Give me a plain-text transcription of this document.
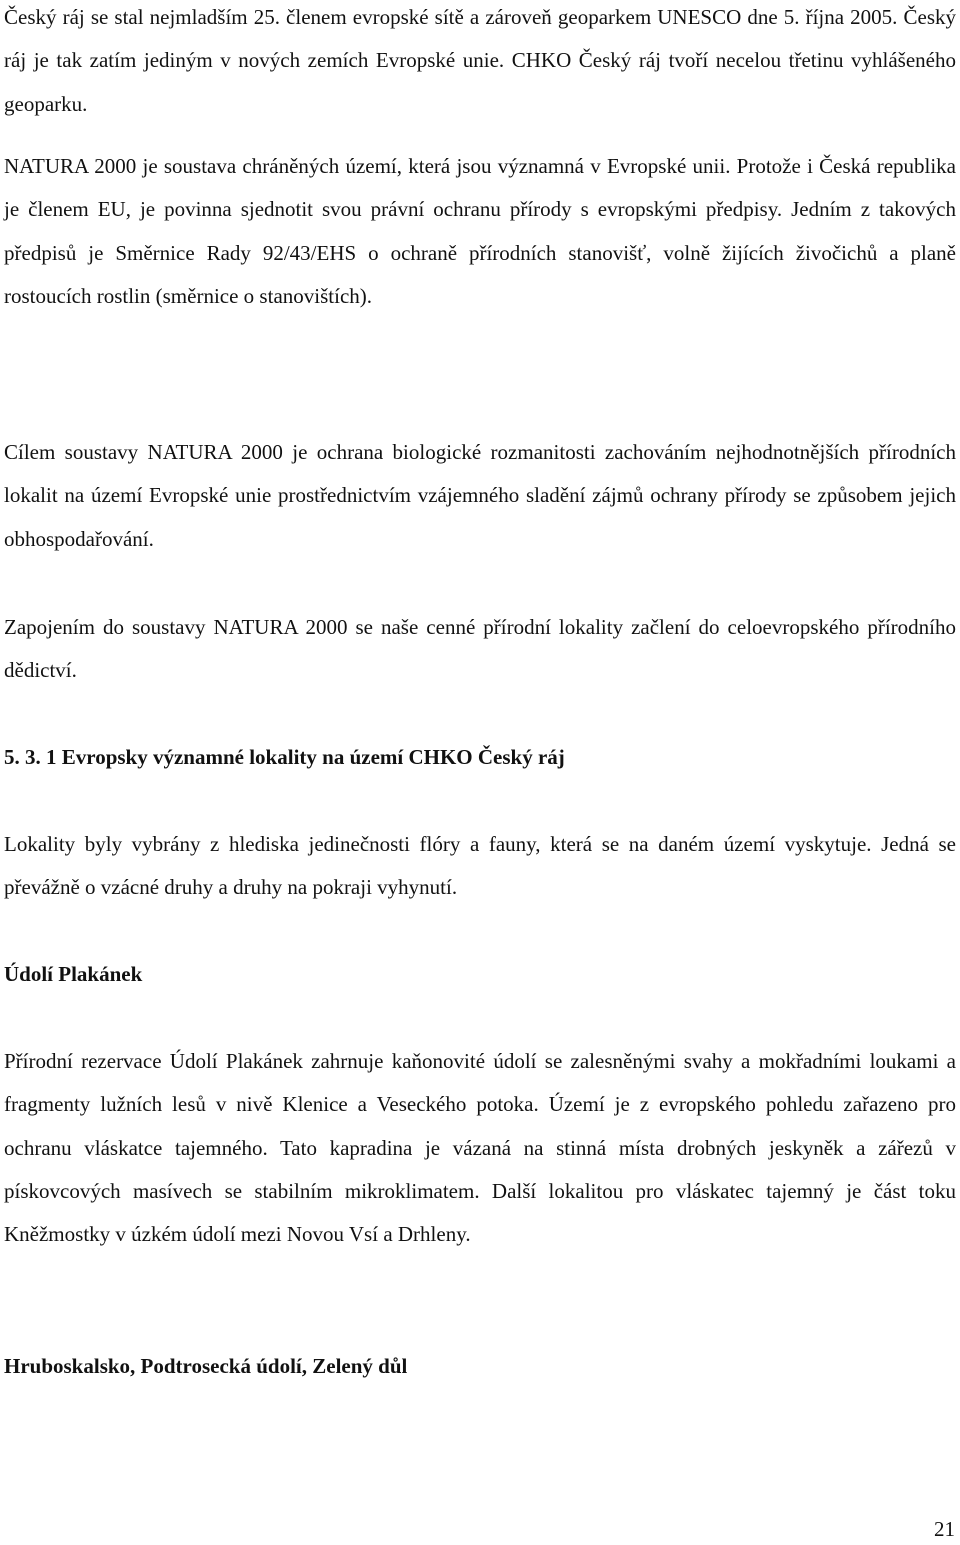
Český ráj se stal nejmladším 25. členem evropské sítě a zároveň geoparkem UNESCO dne 5. října 2005. Český ráj je tak zatím jediným v nových zemích Evropské unie. CHKO Český ráj tvoří necelou třetinu vyhlášeného geoparku.

NATURA 2000 je soustava chráněných území, která jsou významná v Evropské unii. Protože i Česká republika je členem EU, je povinna sjednotit svou právní ochranu přírody s evropskými předpisy. Jedním z takových předpisů je Směrnice Rady 92/43/EHS o ochraně přírodních stanovišť, volně žijících živočichů a planě rostoucích rostlin (směrnice o stanovištích).

Cílem soustavy NATURA 2000 je ochrana biologické rozmanitosti zachováním nejhodnotnějších přírodních lokalit na území Evropské unie prostřednictvím vzájemného sladění zájmů ochrany přírody se způsobem jejich obhospodařování.

Zapojením do soustavy NATURA 2000 se naše cenné přírodní lokality začlení do celoevropského přírodního dědictví.

5. 3. 1 Evropsky významné lokality na území CHKO Český ráj

Lokality byly vybrány z hlediska jedinečnosti flóry a fauny, která se na daném území vyskytuje. Jedná se převážně o vzácné druhy a druhy na pokraji vyhynutí.

Údolí Plakánek

Přírodní rezervace Údolí Plakánek zahrnuje kaňonovité údolí se zalesněnými svahy a mokřadními loukami a fragmenty lužních lesů v nivě Klenice a Veseckého potoka. Území je z evropského pohledu zařazeno pro ochranu vláskatce tajemného. Tato kapradina je vázaná na stinná místa drobných jeskyněk a zářezů v pískovcových masívech se stabilním mikroklimatem. Další lokalitou pro vláskatec tajemný je část toku Kněžmostky v úzkém údolí mezi Novou Vsí a Drhleny.

Hruboskalsko, Podtrosecká údolí, Zelený důl
21
